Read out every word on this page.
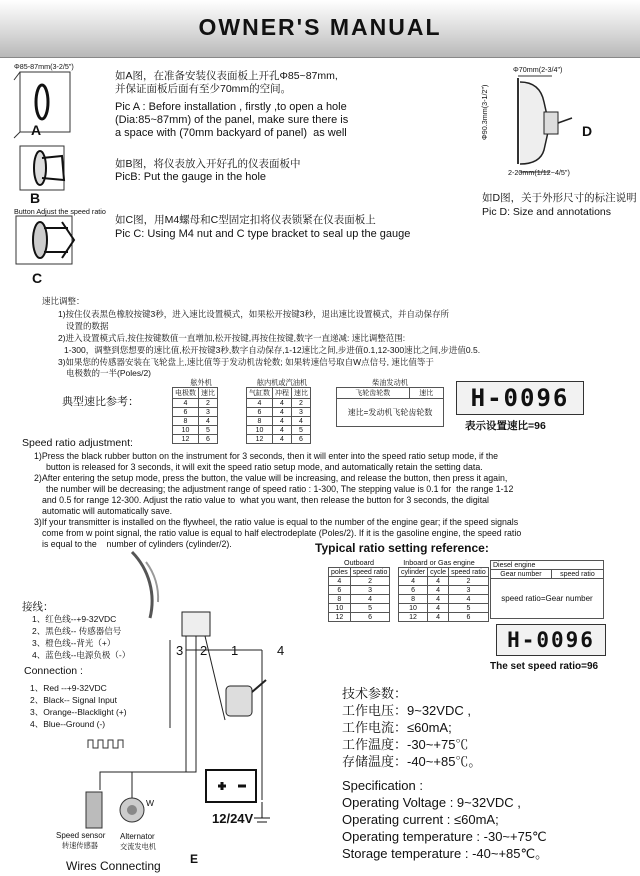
OWNER'S MANUAL
Φ85-87mm(3-2/5")
A
B
Button Adjust the speed ratio
C
如A图，在准备安装仪表面板上开孔Φ85~87mm,
并保证面板后面有至少70mm的空间。
Pic A : Before installation , firstly ,to open a hole
(Dia:85~87mm) of the panel, make sure there is
a space with (70mm backyard of panel)  as well
如B图，将仪表放入开好孔的仪表面板中
PicB: Put the gauge in the hole
如C图，用M4螺母和C型固定扣将仪表锁紧在仪表面板上
Pic C: Using M4 nut and C type bracket to seal up the gauge
Φ70mm(2-3/4")
Φ90.3mm(3-1/2")	D
2-20mm(1/12~4/5")
如D图，关于外形尺寸的标注说明
Pic D: Size and annotations
速比调整：
1)按住仪表黑色橡胶按键3秒，进入速比设置模式，如果松开按键3秒，退出速比设置模式，并自动保存所
设置的数据
2)进入设置模式后,按住按键数值一直增加,松开按键,再按住按键,数字一直递减: 速比调整范围:
1-300，调整到您想要的速比值,松开按键3秒,数字自动保存,1-12速比之间,步进值0.1,12-300速比之间,步进值0.5.
3)如果您的传感器安装在飞轮盘上,速比值等于发动机齿轮数; 如果转速信号取自W点信号, 速比值等于
电极数的一半(Poles/2)
典型速比参考：
舷外机
电极数	速比
4	2
6	3
8	4
10	5
12	6
舷内机或汽油机
气缸数	冲程	速比
4	4	2
6	4	3
8	4	4
10	4	5
12	4	6
柴油发动机
飞轮齿轮数	速比
速比=发动机飞轮齿轮数
H-0096
表示设置速比=96
Speed ratio adjustment:
1)Press the black rubber button on the instrument for 3 seconds, then it will enter into the speed ratio setup mode, if the
button is released for 3 seconds, it will exit the speed ratio setup mode, and automatically retain the setting data.
2)After entering the setup mode, press the button, the value will be increasing, and release the button, then press it again,
the number will be decreasing; the adjustment range of speed ratio : 1-300, The stepping value is 0.1 for  the range 1-12
and 0.5 for range 12-300. Adjust the ratio value to  what you want, then release the button for 3 seconds, the digital
automatic will automatically save.
3)If your transmitter is installed on the flywheel, the ratio value is equal to the number of the engine gear; if the speed signals
come from w point signal, the ratio value is equal to half electrodeplate (Poles/2). If it is the gasoline engine, the speed ratio
is equal to the    number of cylinders (cylinder/2).	Typical ratio setting reference:
Outboard
poles	speed ratio
4	2
6	3
8	4
10	5
12	6
Inboard or Gas engine
cylinder	cycle	speed ratio
4	4	2
6	4	3
8	4	4
10	4	5
12	4	6
Diesel engine
Gear number	speed ratio
speed ratio=Gear number
H-0096
The set speed ratio=96
3 2 1	4
12/24V
W
接线：
1、红色线--+9-32VDC
2、黑色线-- 传感器信号
3、橙色线--背光（+）
4、蓝色线--电源负极（-）
Connection :
1、Red --+9-32VDC
2、Black-- Signal Input
3、Orange--Blacklight (+)
4、Blue--Ground (-)
Speed sensor
转速传感器
Alternator
交流发电机
Wires Connecting E
技术参数：
工作电压：9~32VDC ,
工作电流：≤60mA;
工作温度：-30~+75℃
存储温度：-40~+85℃。
Specification :
Operating Voltage : 9~32VDC ,
Operating current : ≤60mA;
Operating temperature : -30~+75℃
Storage temperature : -40~+85℃。
